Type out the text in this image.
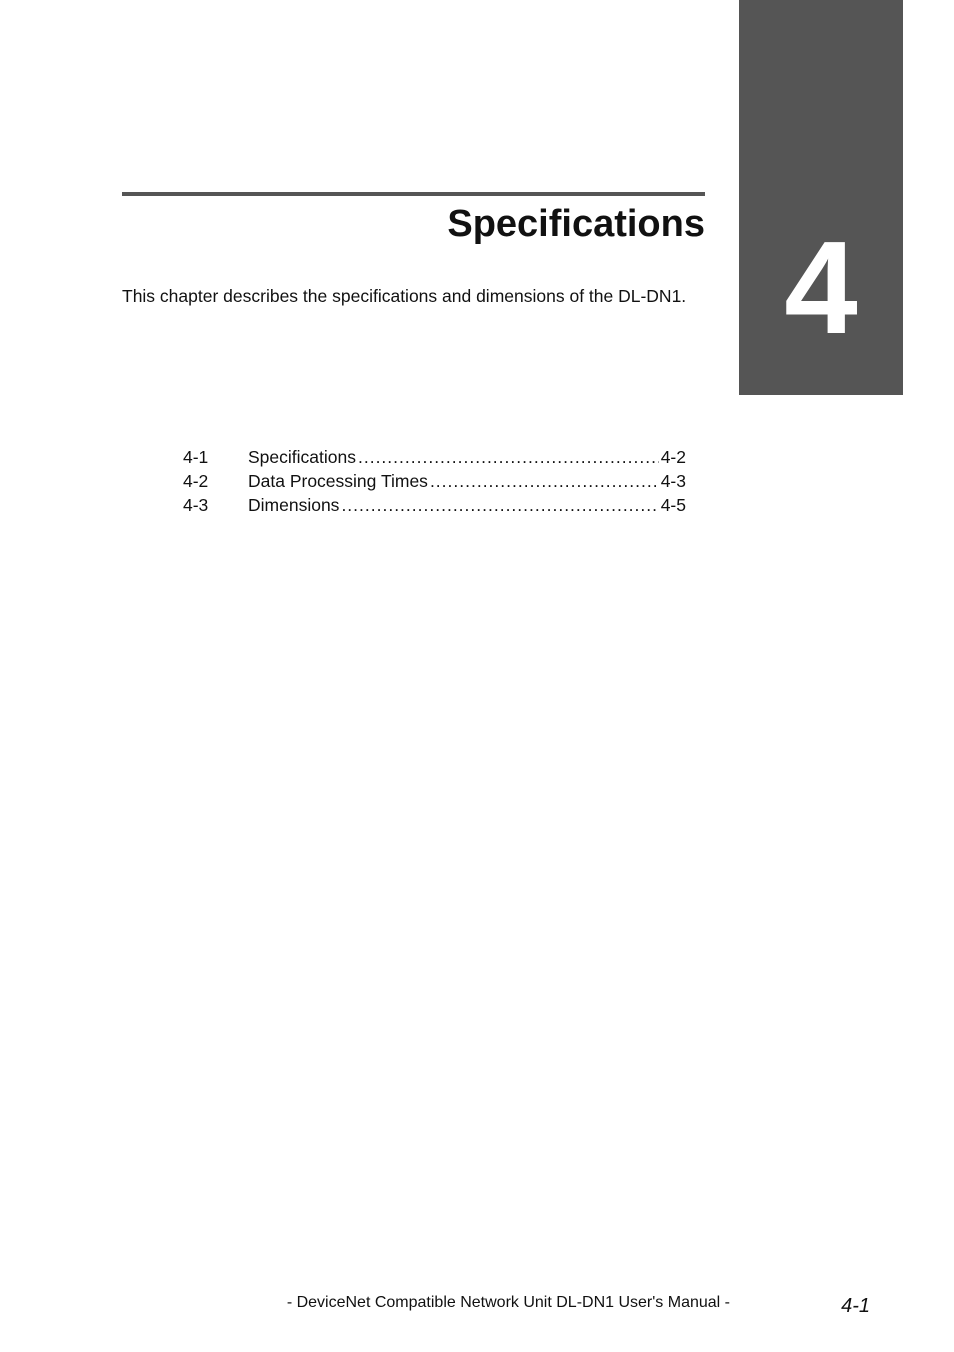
4
Specifications

This chapter describes the specifications and dimensions of the DL-DN1.

4-1	Specifications .....	4-2
4-2	Data Processing Times .....	4-3
4-3	Dimensions .....	4-5
- DeviceNet Compatible Network Unit DL-DN1 User's Manual -	4-1
